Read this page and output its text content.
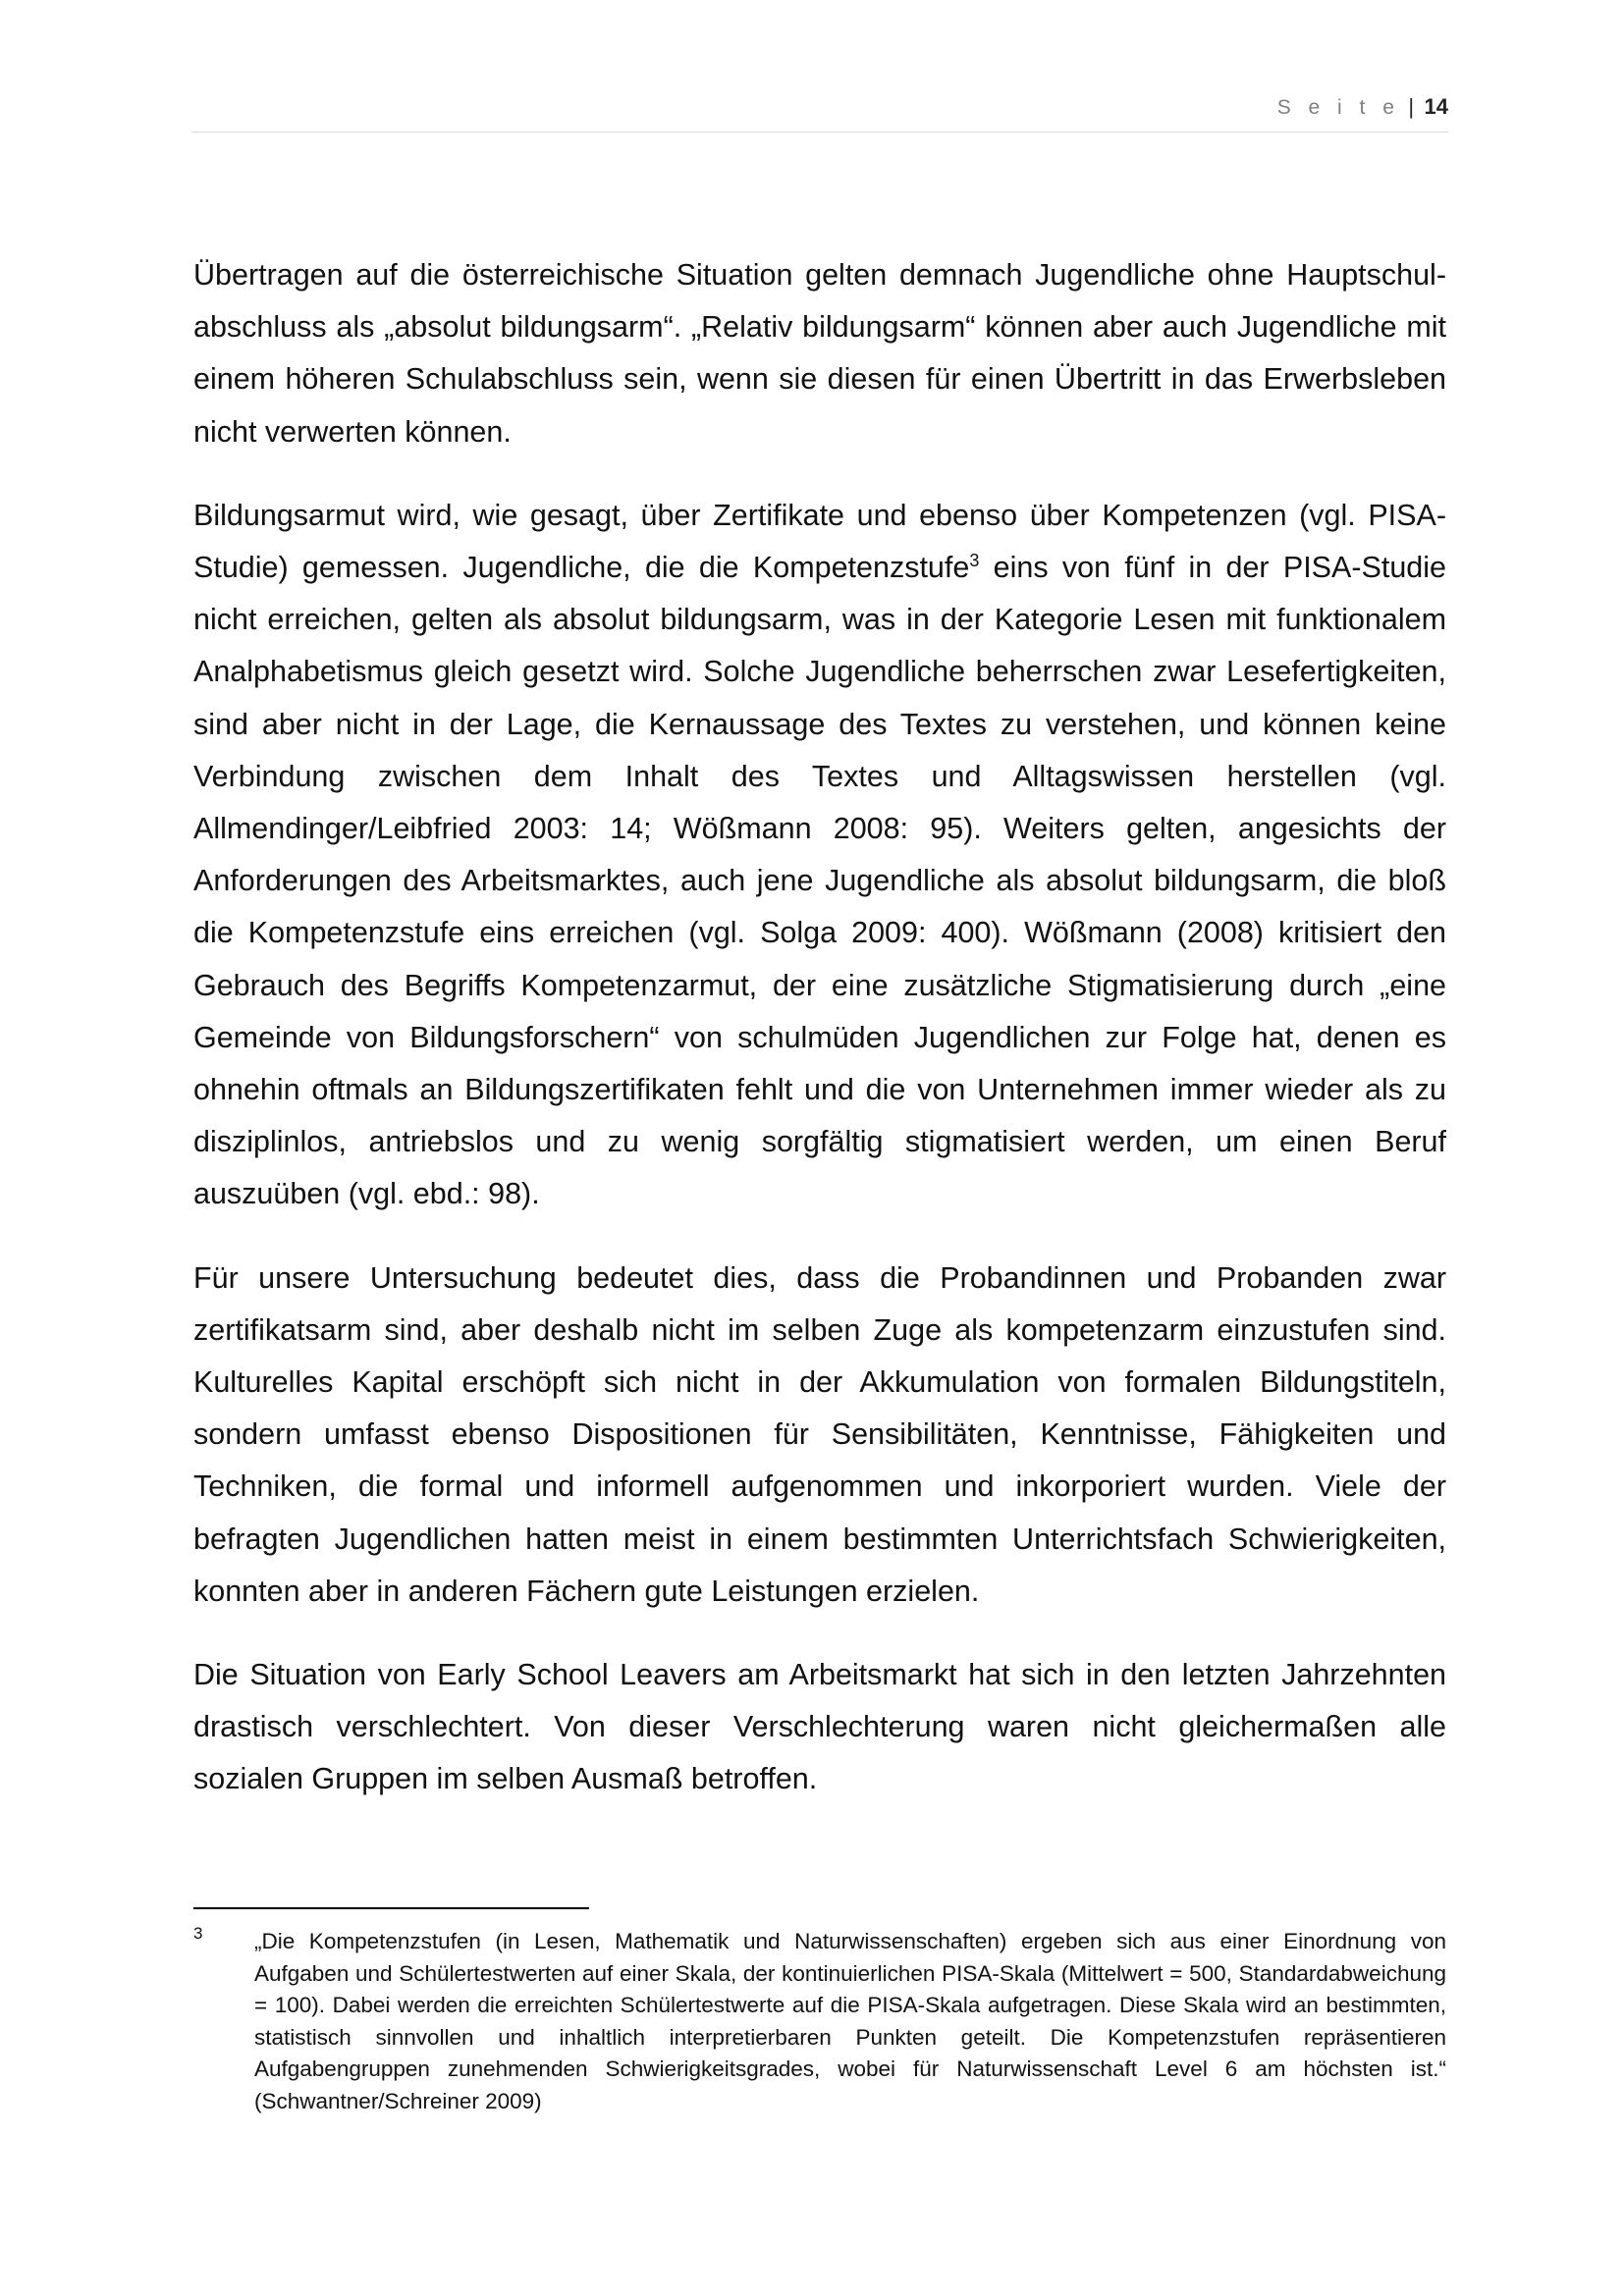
S e i t e | 14

Übertragen auf die österreichische Situation gelten demnach Jugendliche ohne Hauptschul-abschluss als „absolut bildungsarm“. „Relativ bildungsarm“ können aber auch Jugendliche mit einem höheren Schulabschluss sein, wenn sie diesen für einen Übertritt in das Erwerbsleben nicht verwerten können.

Bildungsarmut wird, wie gesagt, über Zertifikate und ebenso über Kompetenzen (vgl. PISA-Studie) gemessen. Jugendliche, die die Kompetenzstufe$^3$ eins von fünf in der PISA-Studie nicht erreichen, gelten als absolut bildungsarm, was in der Kategorie Lesen mit funktionalem Analphabetismus gleich gesetzt wird. Solche Jugendliche beherrschen zwar Lesefertigkeiten, sind aber nicht in der Lage, die Kernaussage des Textes zu verstehen, und können keine Verbindung zwischen dem Inhalt des Textes und Alltagswissen herstellen (vgl. Allmendinger/Leibfried 2003: 14; Wößmann 2008: 95). Weiters gelten, angesichts der Anforderungen des Arbeitsmarktes, auch jene Jugendliche als absolut bildungsarm, die bloß die Kompetenzstufe eins erreichen (vgl. Solga 2009: 400). Wößmann (2008) kritisiert den Gebrauch des Begriffs Kompetenzarmut, der eine zusätzliche Stigmatisierung durch „eine Gemeinde von Bildungsforschern“ von schulmüden Jugendlichen zur Folge hat, denen es ohnehin oftmals an Bildungszertifikaten fehlt und die von Unternehmen immer wieder als zu disziplinlos, antriebslos und zu wenig sorgfältig stigmatisiert werden, um einen Beruf auszuüben (vgl. ebd.: 98).

Für unsere Untersuchung bedeutet dies, dass die Probandinnen und Probanden zwar zertifikatsarm sind, aber deshalb nicht im selben Zuge als kompetenzarm einzustufen sind. Kulturelles Kapital erschöpft sich nicht in der Akkumulation von formalen Bildungstiteln, sondern umfasst ebenso Dispositionen für Sensibilitäten, Kenntnisse, Fähigkeiten und Techniken, die formal und informell aufgenommen und inkorporiert wurden. Viele der befragten Jugendlichen hatten meist in einem bestimmten Unterrichtsfach Schwierigkeiten, konnten aber in anderen Fächern gute Leistungen erzielen.

Die Situation von Early School Leavers am Arbeitsmarkt hat sich in den letzten Jahrzehnten drastisch verschlechtert. Von dieser Verschlechterung waren nicht gleichermaßen alle sozialen Gruppen im selben Ausmaß betroffen.

3 „Die Kompetenzstufen (in Lesen, Mathematik und Naturwissenschaften) ergeben sich aus einer Einordnung von Aufgaben und Schülertestwerten auf einer Skala, der kontinuierlichen PISA-Skala (Mittelwert = 500, Standardabweichung = 100). Dabei werden die erreichten Schülertestwerte auf die PISA-Skala aufgetragen. Diese Skala wird an bestimmten, statistisch sinnvollen und inhaltlich interpretierbaren Punkten geteilt. Die Kompetenzstufen repräsentieren Aufgabengruppen zunehmenden Schwierigkeitsgrades, wobei für Naturwissenschaft Level 6 am höchsten ist.“ (Schwantner/Schreiner 2009)
